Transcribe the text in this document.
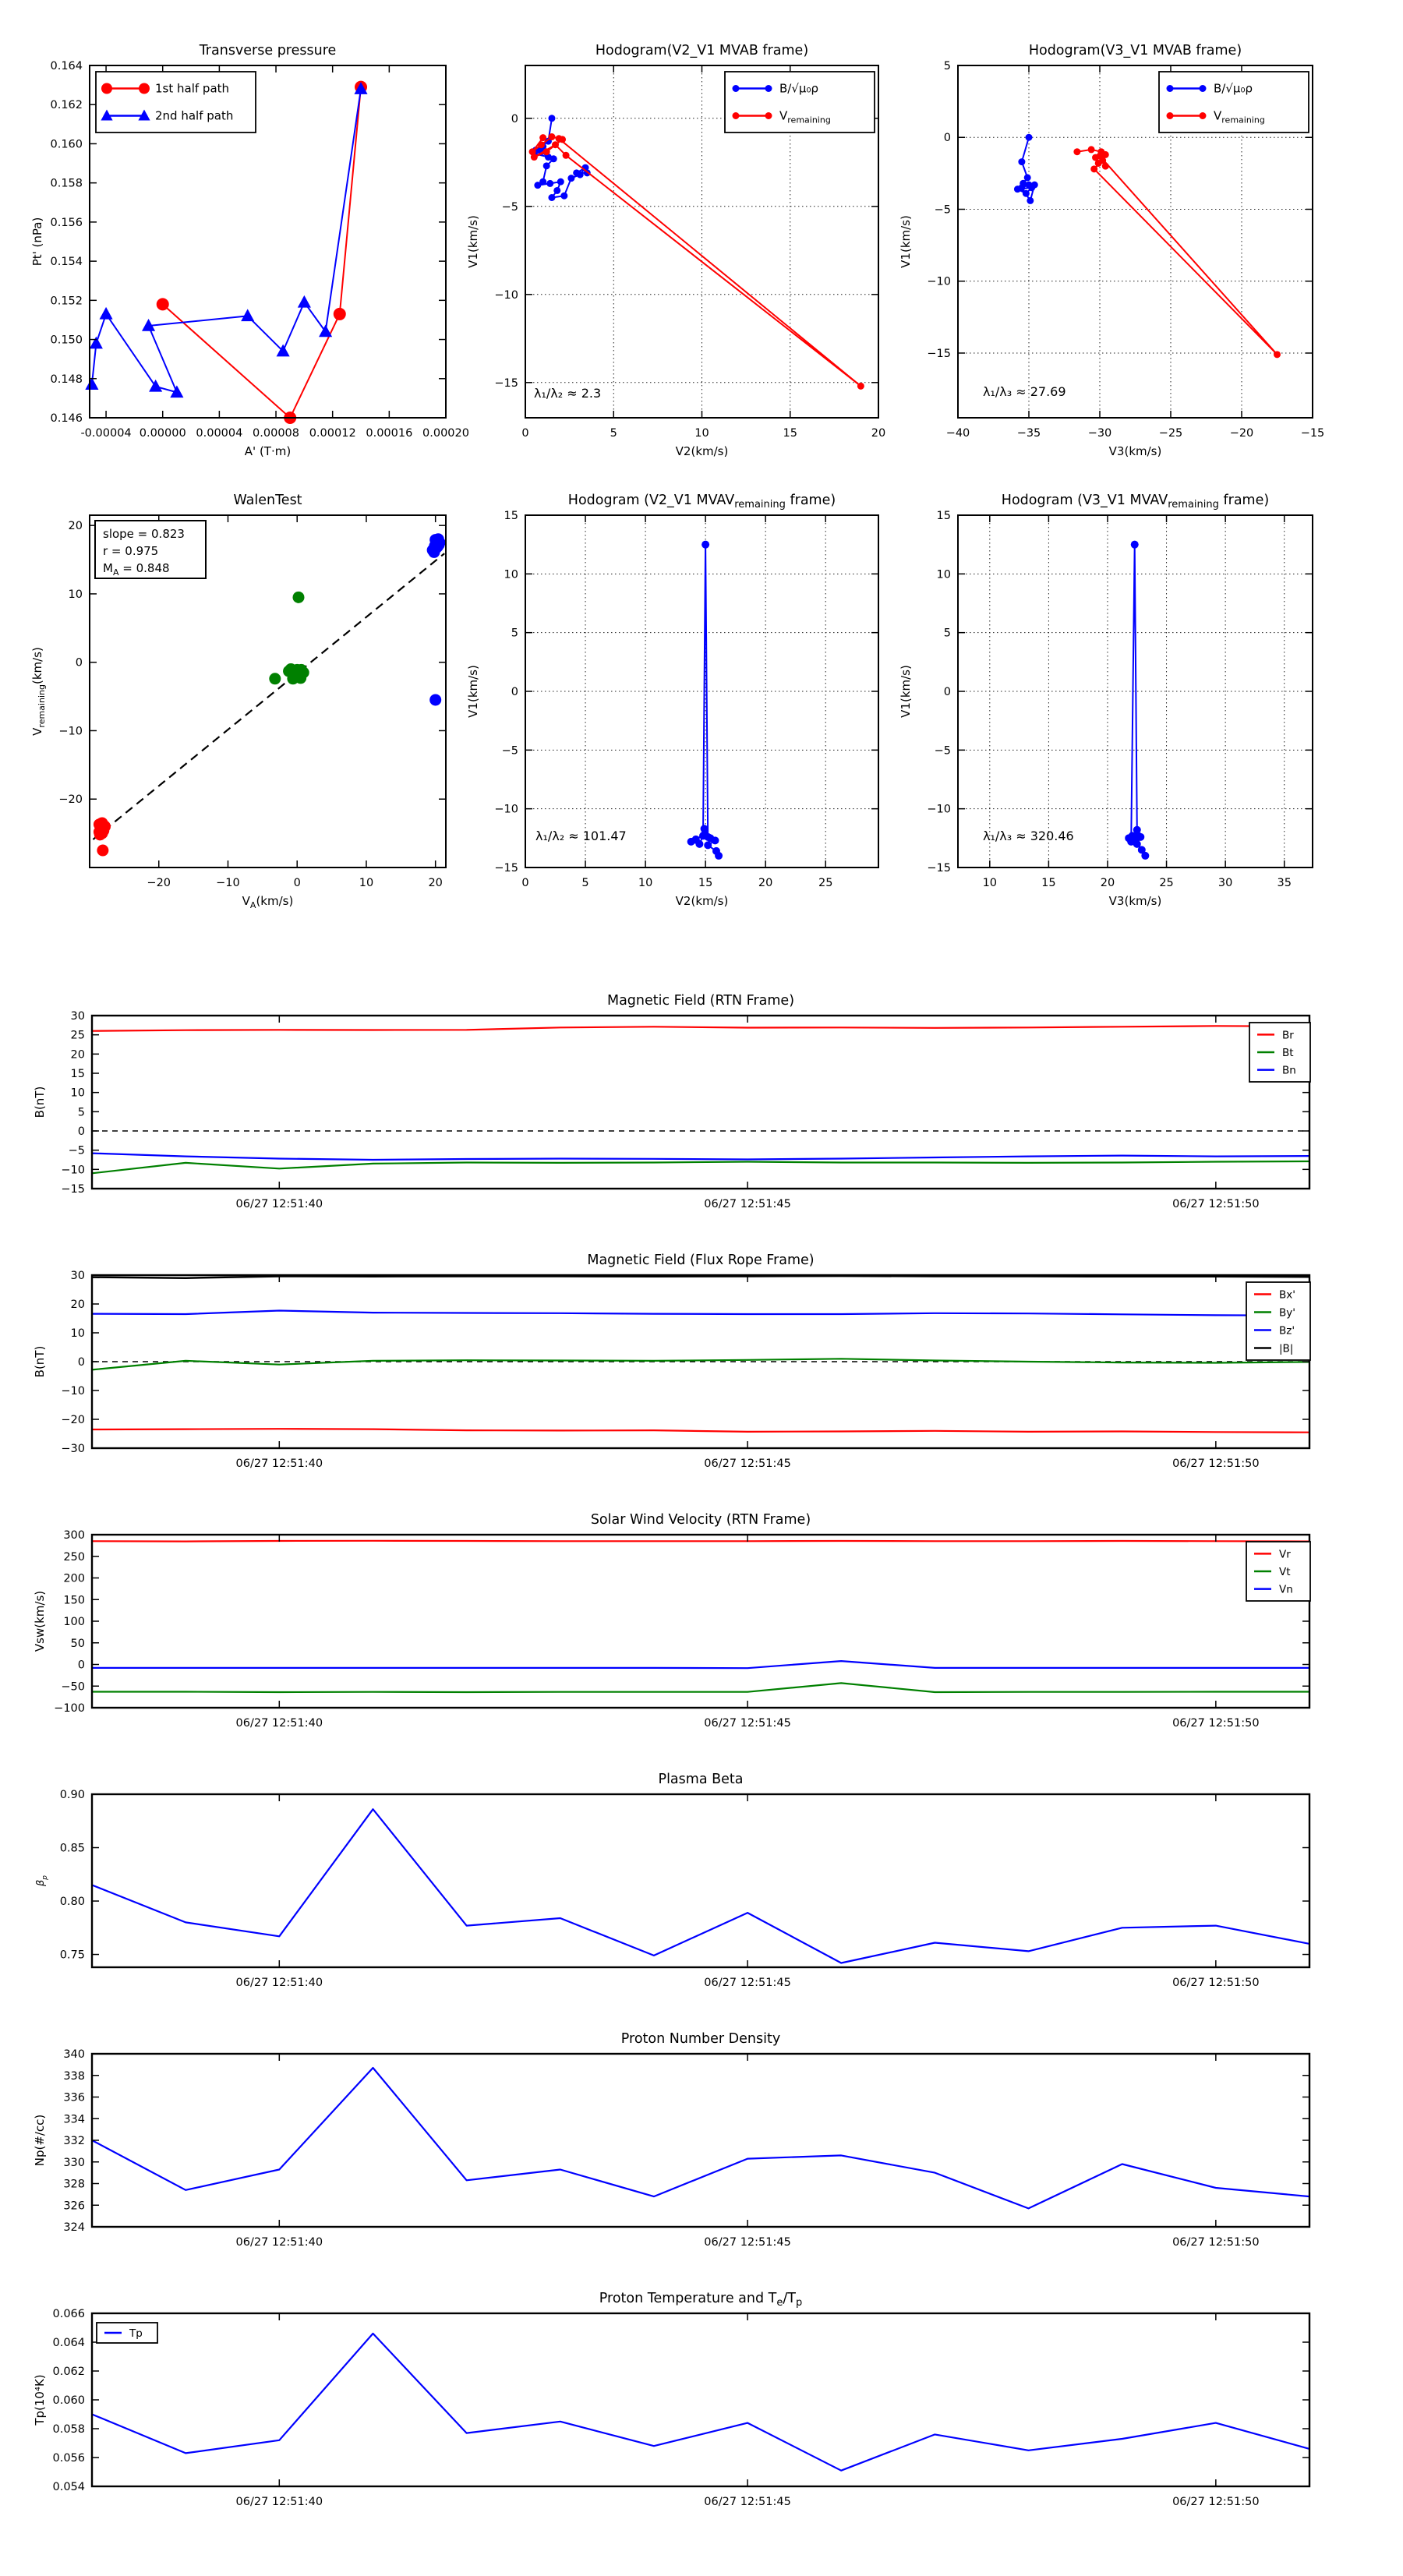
-0.00004 0.00000 0.00004 0.00008 0.00012 0.00016 0.00020
0.146
0.148
0.150
0.152
0.154
0.156
0.158
0.160
0.162
0.164
Transverse pressure
A' (T·m)
Pt' (nPa)
1st half path
2nd half path
0	5	10	15	20
0
−5
−10
−15
Hodogram(V2_V1 MVAB frame)
V2(km/s)
V1(km/s)
B/√μ₀ρ
$V_{remaining}$
λ₁/λ₂ ≈ 2.3
−40	−35	−30	−25	−20	−15
5
0
−5
−10
−15
Hodogram(V3_V1 MVAB frame)
V3(km/s)
V1(km/s)
B/√μ₀ρ
$V_{remaining}$
λ₁/λ₃ ≈ 27.69
−20	−10	0	10	20
20
10
0
−10
−20
WalenTest
$V_A(km/s)$
$V_{remaining}(km/s)$
slope = 0.823
r = 0.975
$M_A = 0.848$
0	5	10	15	20	25
15
10
5
0
−5
−10
−15
Hodogram (V2_V1 $MVAV_{remaining}$ frame)
V2(km/s)
V1(km/s)
λ₁/λ₂ ≈ 101.47
10	15	20	25	30	35
15
10
5
0
−5
−10
−15
Hodogram (V3_V1 $MVAV_{remaining}$ frame)
V3(km/s)
V1(km/s)
λ₁/λ₃ ≈ 320.46
06/27 12:51:40	06/27 12:51:45	06/27 12:51:50
30
25
20
15
10
5
0
−5
−10
−15
Magnetic Field (RTN Frame)
B(nT)
Br
Bt
Bn
06/27 12:51:40	06/27 12:51:45	06/27 12:51:50
30
20
10
0
−10
−20
−30
Magnetic Field (Flux Rope Frame)
B(nT)
Bx'
By'
Bz'
|B|
06/27 12:51:40	06/27 12:51:45	06/27 12:51:50
300
250
200
150
100
50
0
−50
−100
Solar Wind Velocity (RTN Frame)
Vsw(km/s)
Vr
Vt
Vn
06/27 12:51:40	06/27 12:51:45	06/27 12:51:50
0.90
0.85
0.80
0.75
Plasma Beta
$\beta_p$
06/27 12:51:40	06/27 12:51:45	06/27 12:51:50
340
338
336
334
332
330
328
326
324
Proton Number Density
Np(#/cc)
06/27 12:51:40	06/27 12:51:45	06/27 12:51:50
0.066
0.064
0.062
0.060
0.058
0.056
0.054
Proton Temperature and $T_e/T_p$
Tp(10⁴K)
Tp
